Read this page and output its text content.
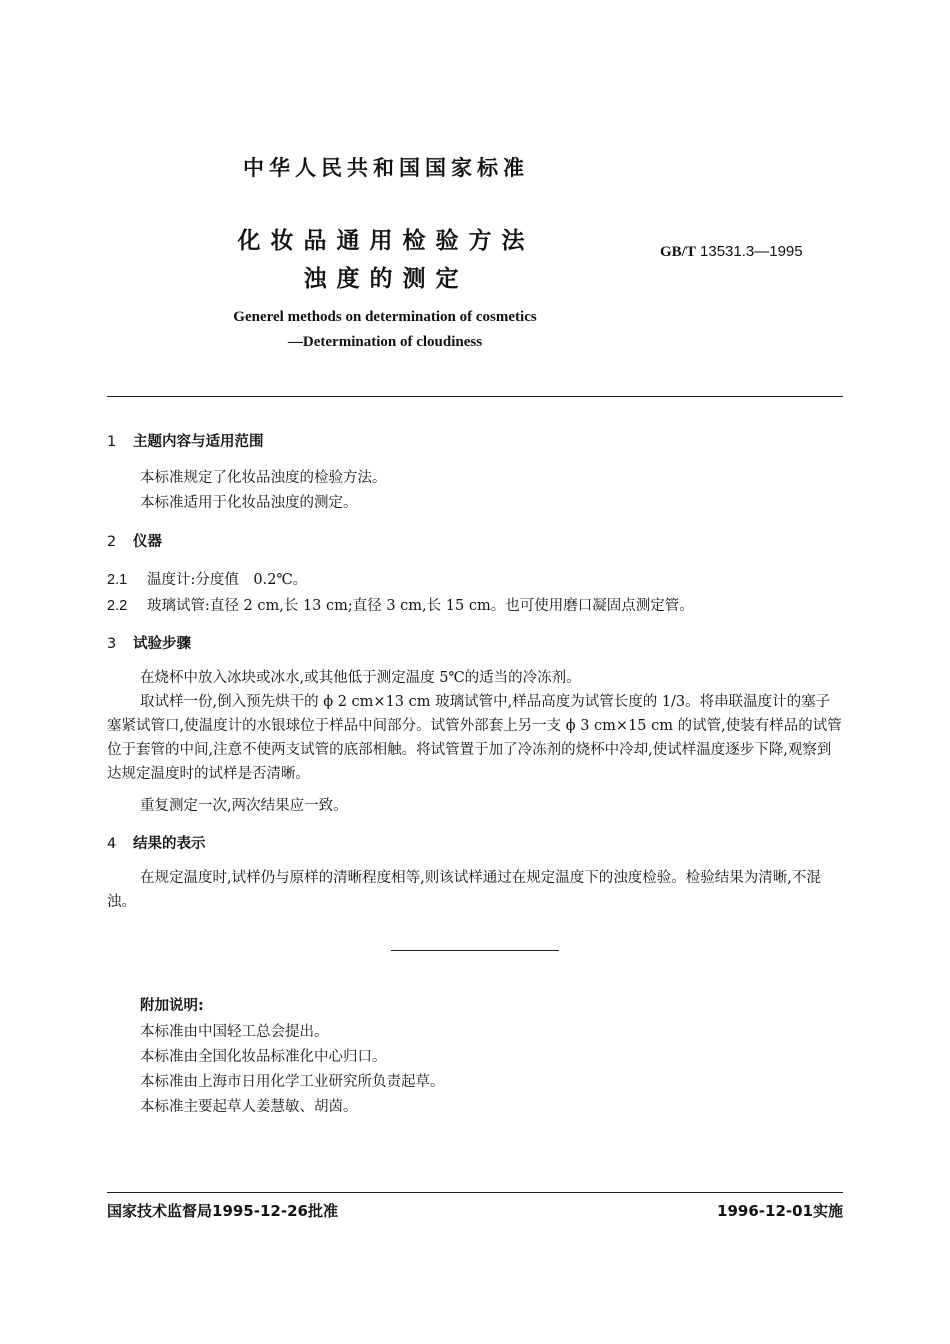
中华人民共和国国家标准
化妆品通用检验方法
浊度的测定
GB/T 13531.3—1995
Generel methods on determination of cosmetics
—Determination of cloudiness
1 主题内容与适用范围
本标准规定了化妆品浊度的检验方法。
本标准适用于化妆品浊度的测定。
2 仪器
2.1 温度计:分度值　0.2℃。
2.2 玻璃试管:直径 2 cm,长 13 cm;直径 3 cm,长 15 cm。也可使用磨口凝固点测定管。
3 试验步骤
在烧杯中放入冰块或冰水,或其他低于测定温度 5℃的适当的冷冻剂。

取试样一份,倒入预先烘干的 ϕ 2 cm×13 cm 玻璃试管中,样品高度为试管长度的 1/3。将串联温度计的塞子塞紧试管口,使温度计的水银球位于样品中间部分。试管外部套上另一支 ϕ 3 cm×15 cm 的试管,使装有样品的试管位于套管的中间,注意不使两支试管的底部相触。将试管置于加了冷冻剂的烧杯中冷却,使试样温度逐步下降,观察到达规定温度时的试样是否清晰。

重复测定一次,两次结果应一致。
4 结果的表示

在规定温度时,试样仍与原样的清晰程度相等,则该试样通过在规定温度下的浊度检验。检验结果为清晰,不混浊。

附加说明:
本标准由中国轻工总会提出。
本标准由全国化妆品标准化中心归口。
本标准由上海市日用化学工业研究所负责起草。
本标准主要起草人姜慧敏、胡茵。
国家技术监督局1995-12-26批准	1996-12-01实施
